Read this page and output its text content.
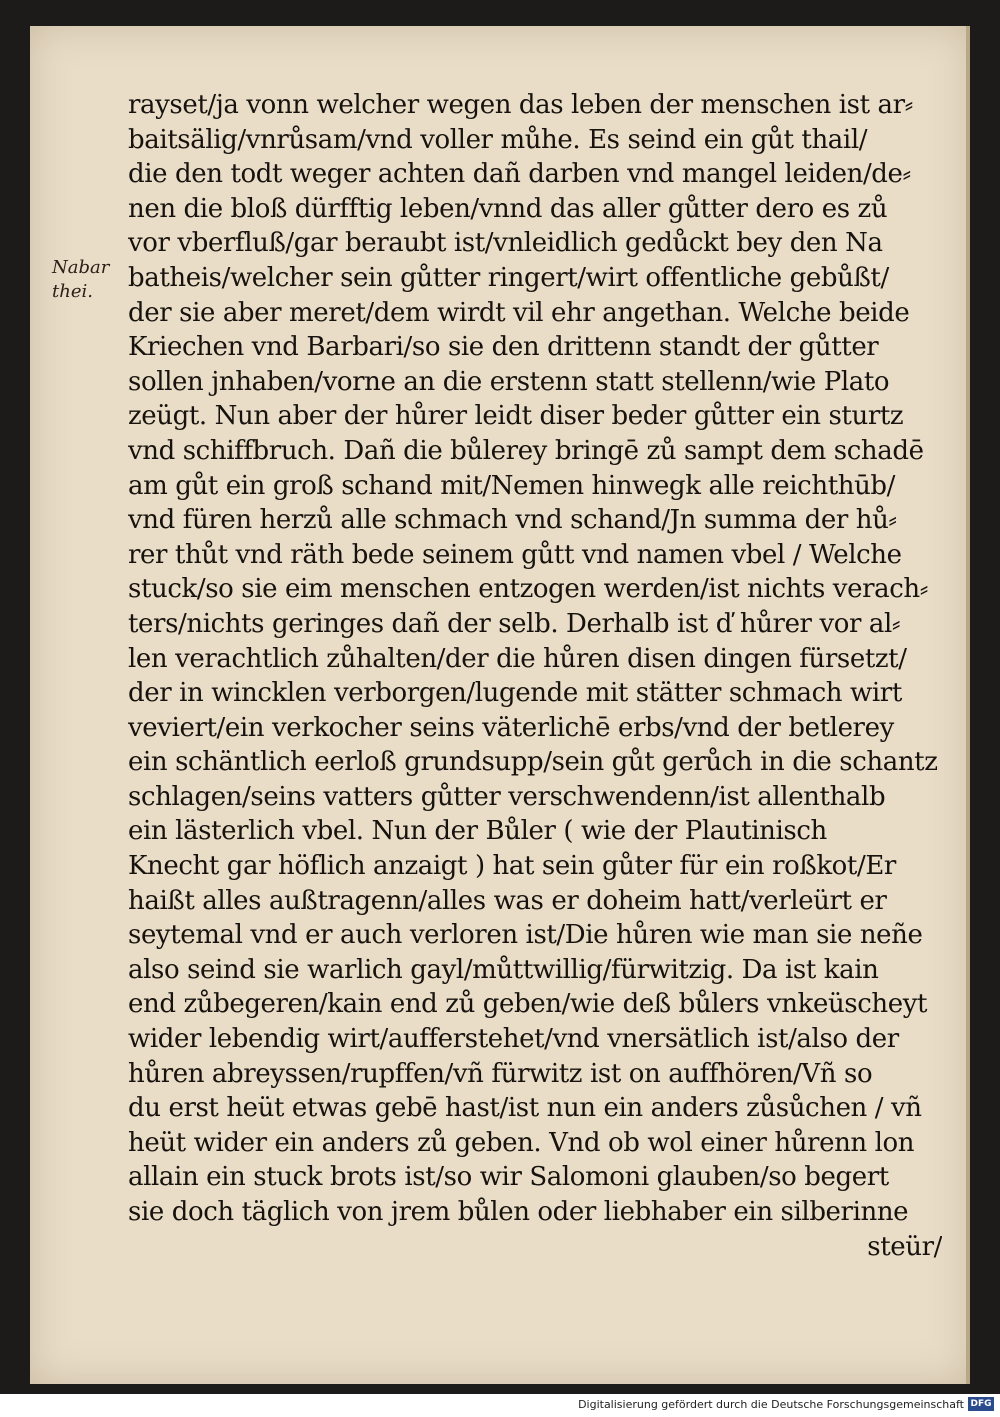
Nabar thei.
rayset/ja vonn welcher wegen das leben der menschen ist ar⸗
baitsälig/vnrůsam/vnd voller můhe. Es seind ein gůt thail/
die den todt weger achten dañ darben vnd mangel leiden/de⸗
nen die bloß dürfftig leben/vnnd das aller gůtter dero es zů
vor vberfluß/gar beraubt ist/vnleidlich gedůckt bey den Na
batheis/welcher sein gůtter ringert/wirt offentliche gebůßt/
der sie aber meret/dem wirdt vil ehr angethan. Welche beide
Kriechen vnd Barbari/so sie den drittenn standt der gůtter
sollen jnhaben/vorne an die erstenn statt stellenn/wie Plato
zeügt. Nun aber der hůrer leidt diser beder gůtter ein sturtz
vnd schiffbruch. Dañ die bůlerey bringē zů sampt dem schadē
am gůt ein groß schand mit/Nemen hinwegk alle reichthūb/
vnd füren herzů alle schmach vnd schand/Jn summa der hů⸗
rer thůt vnd räth bede seinem gůtt vnd namen vbel / Welche
stuck/so sie eim menschen entzogen werden/ist nichts verach⸗
ters/nichts geringes dañ der selb. Derhalb ist ď hůrer vor al⸗
len verachtlich zůhalten/der die hůren disen dingen fürsetzt/
der in wincklen verborgen/lugende mit stätter schmach wirt
veviert/ein verkocher seins väterlichē erbs/vnd der betlerey
ein schäntlich eerloß grundsupp/sein gůt gerůch in die schantz
schlagen/seins vatters gůtter verschwendenn/ist allenthalb
ein lästerlich vbel. Nun der Bůler ( wie der Plautinisch
Knecht gar höflich anzaigt ) hat sein gůter für ein roßkot/Er
haißt alles außtragenn/alles was er doheim hatt/verleürt er
seytemal vnd er auch verloren ist/Die hůren wie man sie neñe
also seind sie warlich gayl/můttwillig/fürwitzig. Da ist kain
end zůbegeren/kain end zů geben/wie deß bůlers vnkeüscheyt
wider lebendig wirt/aufferstehet/vnd vnersätlich ist/also der
hůren abreyssen/rupffen/vñ fürwitz ist on auffhören/Vñ so
du erst heüt etwas gebē hast/ist nun ein anders zůsůchen / vñ
heüt wider ein anders zů geben. Vnd ob wol einer hůrenn lon
allain ein stuck brots ist/so wir Salomoni glauben/so begert
sie doch täglich von jrem bůlen oder liebhaber ein silberinne
steür/
Digitalisierung gefördert durch die Deutsche Forschungsgemeinschaft DFG
